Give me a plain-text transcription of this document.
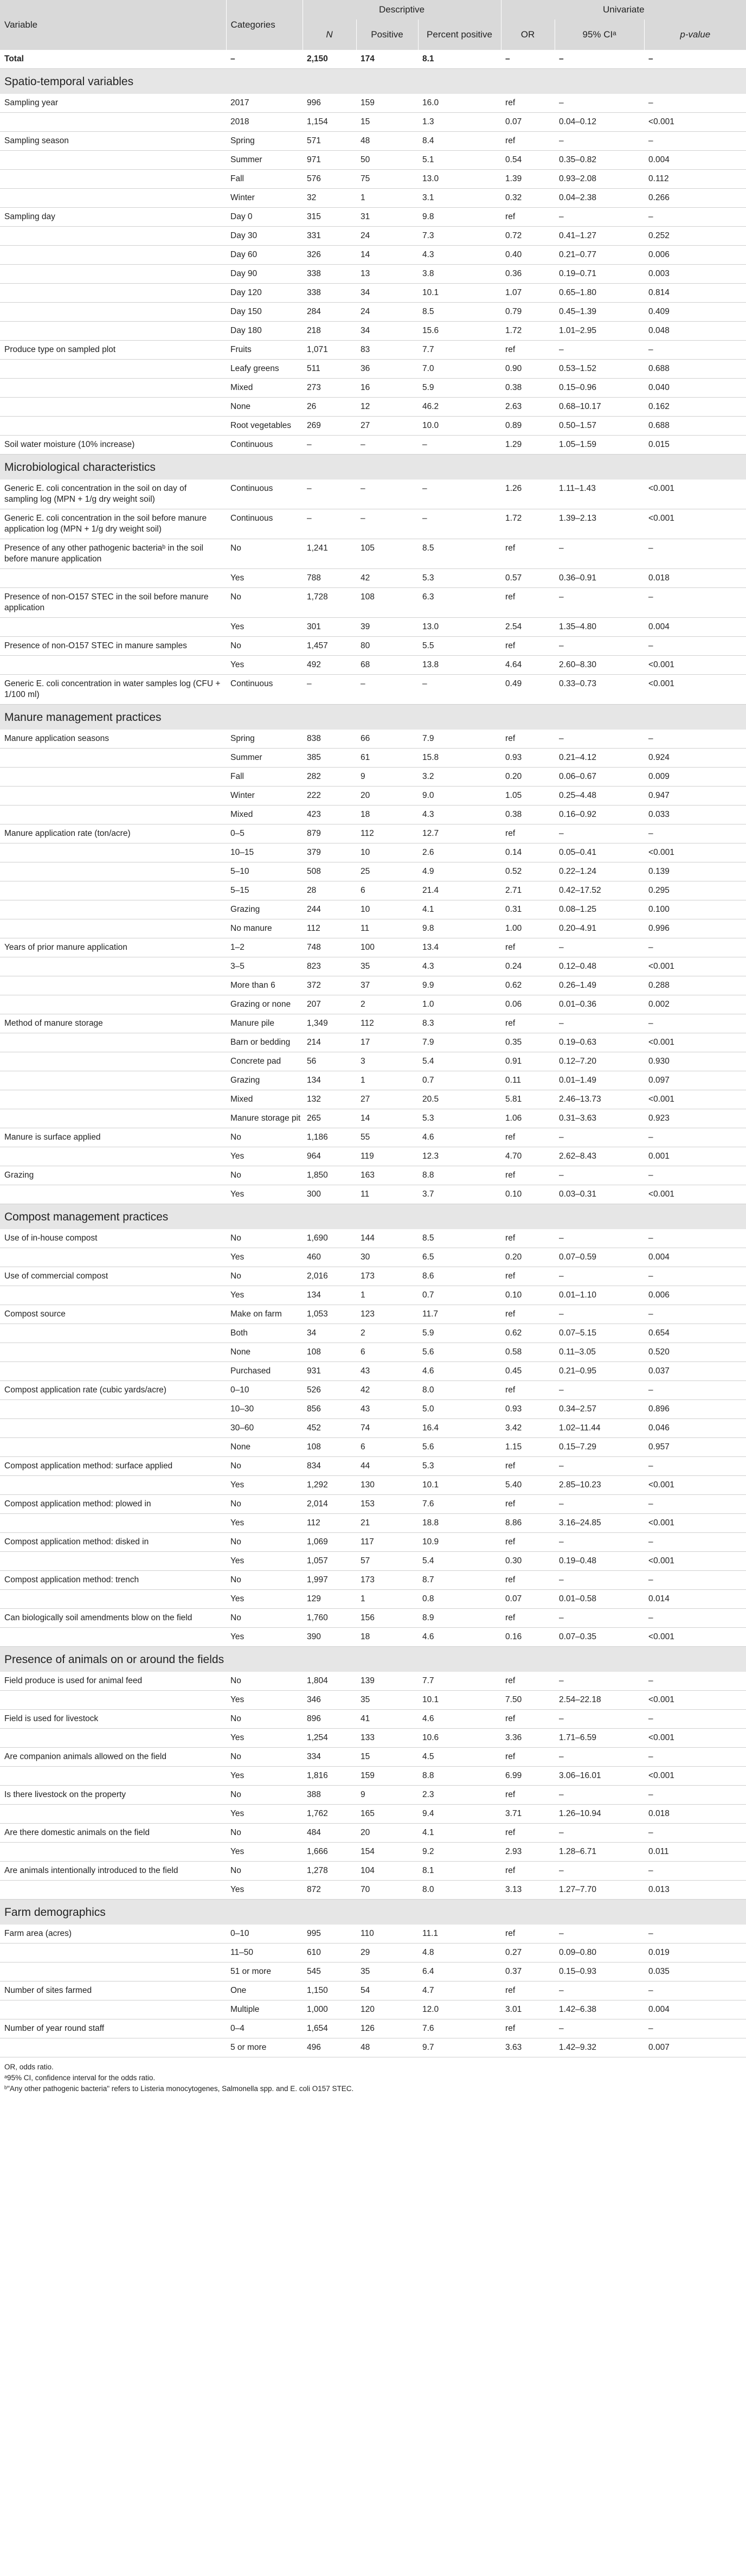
Variable	Categories	Descriptive			Univariate		
		N	Positive	Percent positive	OR	95% CIᵃ	p-value
Total	–	2,150	174	8.1	–	–	–
Spatio-temporal variables							
Sampling year	2017	996	159	16.0	ref	–	–
	2018	1,154	15	1.3	0.07	0.04–0.12	<0.001
Sampling season	Spring	571	48	8.4	ref	–	–
	Summer	971	50	5.1	0.54	0.35–0.82	0.004
	Fall	576	75	13.0	1.39	0.93–2.08	0.112
	Winter	32	1	3.1	0.32	0.04–2.38	0.266
Sampling day	Day 0	315	31	9.8	ref	–	–
	Day 30	331	24	7.3	0.72	0.41–1.27	0.252
	Day 60	326	14	4.3	0.40	0.21–0.77	0.006
	Day 90	338	13	3.8	0.36	0.19–0.71	0.003
	Day 120	338	34	10.1	1.07	0.65–1.80	0.814
	Day 150	284	24	8.5	0.79	0.45–1.39	0.409
	Day 180	218	34	15.6	1.72	1.01–2.95	0.048
Produce type on sampled plot	Fruits	1,071	83	7.7	ref	–	–
	Leafy greens	511	36	7.0	0.90	0.53–1.52	0.688
	Mixed	273	16	5.9	0.38	0.15–0.96	0.040
	None	26	12	46.2	2.63	0.68–10.17	0.162
	Root vegetables	269	27	10.0	0.89	0.50–1.57	0.688
Soil water moisture (10% increase)	Continuous	–	–	–	1.29	1.05–1.59	0.015
Microbiological characteristics							
Generic E. coli concentration in the soil on day of sampling log (MPN + 1/g dry weight soil)	Continuous	–	–	–	1.26	1.11–1.43	<0.001
Generic E. coli concentration in the soil before manure application log (MPN + 1/g dry weight soil)	Continuous	–	–	–	1.72	1.39–2.13	<0.001
Presence of any other pathogenic bacteriaᵇ in the soil before manure application	No	1,241	105	8.5	ref	–	–
	Yes	788	42	5.3	0.57	0.36–0.91	0.018
Presence of non-O157 STEC in the soil before manure application	No	1,728	108	6.3	ref	–	–
	Yes	301	39	13.0	2.54	1.35–4.80	0.004
Presence of non-O157 STEC in manure samples	No	1,457	80	5.5	ref	–	–
	Yes	492	68	13.8	4.64	2.60–8.30	<0.001
Generic E. coli concentration in water samples log (CFU + 1/100 ml)	Continuous	–	–	–	0.49	0.33–0.73	<0.001
Manure management practices							
Manure application seasons	Spring	838	66	7.9	ref	–	–
	Summer	385	61	15.8	0.93	0.21–4.12	0.924
	Fall	282	9	3.2	0.20	0.06–0.67	0.009
	Winter	222	20	9.0	1.05	0.25–4.48	0.947
	Mixed	423	18	4.3	0.38	0.16–0.92	0.033
Manure application rate (ton/acre)	0–5	879	112	12.7	ref	–	–
	10–15	379	10	2.6	0.14	0.05–0.41	<0.001
	5–10	508	25	4.9	0.52	0.22–1.24	0.139
	5–15	28	6	21.4	2.71	0.42–17.52	0.295
	Grazing	244	10	4.1	0.31	0.08–1.25	0.100
	No manure	112	11	9.8	1.00	0.20–4.91	0.996
Years of prior manure application	1–2	748	100	13.4	ref	–	–
	3–5	823	35	4.3	0.24	0.12–0.48	<0.001
	More than 6	372	37	9.9	0.62	0.26–1.49	0.288
	Grazing or none	207	2	1.0	0.06	0.01–0.36	0.002
Method of manure storage	Manure pile	1,349	112	8.3	ref	–	–
	Barn or bedding	214	17	7.9	0.35	0.19–0.63	<0.001
	Concrete pad	56	3	5.4	0.91	0.12–7.20	0.930
	Grazing	134	1	0.7	0.11	0.01–1.49	0.097
	Mixed	132	27	20.5	5.81	2.46–13.73	<0.001
	Manure storage pit	265	14	5.3	1.06	0.31–3.63	0.923
Manure is surface applied	No	1,186	55	4.6	ref	–	–
	Yes	964	119	12.3	4.70	2.62–8.43	0.001
Grazing	No	1,850	163	8.8	ref	–	–
	Yes	300	11	3.7	0.10	0.03–0.31	<0.001
Compost management practices							
Use of in-house compost	No	1,690	144	8.5	ref	–	–
	Yes	460	30	6.5	0.20	0.07–0.59	0.004
Use of commercial compost	No	2,016	173	8.6	ref	–	–
	Yes	134	1	0.7	0.10	0.01–1.10	0.006
Compost source	Make on farm	1,053	123	11.7	ref	–	–
	Both	34	2	5.9	0.62	0.07–5.15	0.654
	None	108	6	5.6	0.58	0.11–3.05	0.520
	Purchased	931	43	4.6	0.45	0.21–0.95	0.037
Compost application rate (cubic yards/acre)	0–10	526	42	8.0	ref	–	–
	10–30	856	43	5.0	0.93	0.34–2.57	0.896
	30–60	452	74	16.4	3.42	1.02–11.44	0.046
	None	108	6	5.6	1.15	0.15–7.29	0.957
Compost application method: surface applied	No	834	44	5.3	ref	–	–
	Yes	1,292	130	10.1	5.40	2.85–10.23	<0.001
Compost application method: plowed in	No	2,014	153	7.6	ref	–	–
	Yes	112	21	18.8	8.86	3.16–24.85	<0.001
Compost application method: disked in	No	1,069	117	10.9	ref	–	–
	Yes	1,057	57	5.4	0.30	0.19–0.48	<0.001
Compost application method: trench	No	1,997	173	8.7	ref	–	–
	Yes	129	1	0.8	0.07	0.01–0.58	0.014
Can biologically soil amendments blow on the field	No	1,760	156	8.9	ref	–	–
	Yes	390	18	4.6	0.16	0.07–0.35	<0.001
Presence of animals on or around the fields							
Field produce is used for animal feed	No	1,804	139	7.7	ref	–	–
	Yes	346	35	10.1	7.50	2.54–22.18	<0.001
Field is used for livestock	No	896	41	4.6	ref	–	–
	Yes	1,254	133	10.6	3.36	1.71–6.59	<0.001
Are companion animals allowed on the field	No	334	15	4.5	ref	–	–
	Yes	1,816	159	8.8	6.99	3.06–16.01	<0.001
Is there livestock on the property	No	388	9	2.3	ref	–	–
	Yes	1,762	165	9.4	3.71	1.26–10.94	0.018
Are there domestic animals on the field	No	484	20	4.1	ref	–	–
	Yes	1,666	154	9.2	2.93	1.28–6.71	0.011
Are animals intentionally introduced to the field	No	1,278	104	8.1	ref	–	–
	Yes	872	70	8.0	3.13	1.27–7.70	0.013
Farm demographics							
Farm area (acres)	0–10	995	110	11.1	ref	–	–
	11–50	610	29	4.8	0.27	0.09–0.80	0.019
	51 or more	545	35	6.4	0.37	0.15–0.93	0.035
Number of sites farmed	One	1,150	54	4.7	ref	–	–
	Multiple	1,000	120	12.0	3.01	1.42–6.38	0.004
Number of year round staff	0–4	1,654	126	7.6	ref	–	–
	5 or more	496	48	9.7	3.63	1.42–9.32	0.007
OR, odds ratio.
ᵃ95% CI, confidence interval for the odds ratio.
ᵇ"Any other pathogenic bacteria" refers to Listeria monocytogenes, Salmonella spp. and E. coli O157 STEC.
